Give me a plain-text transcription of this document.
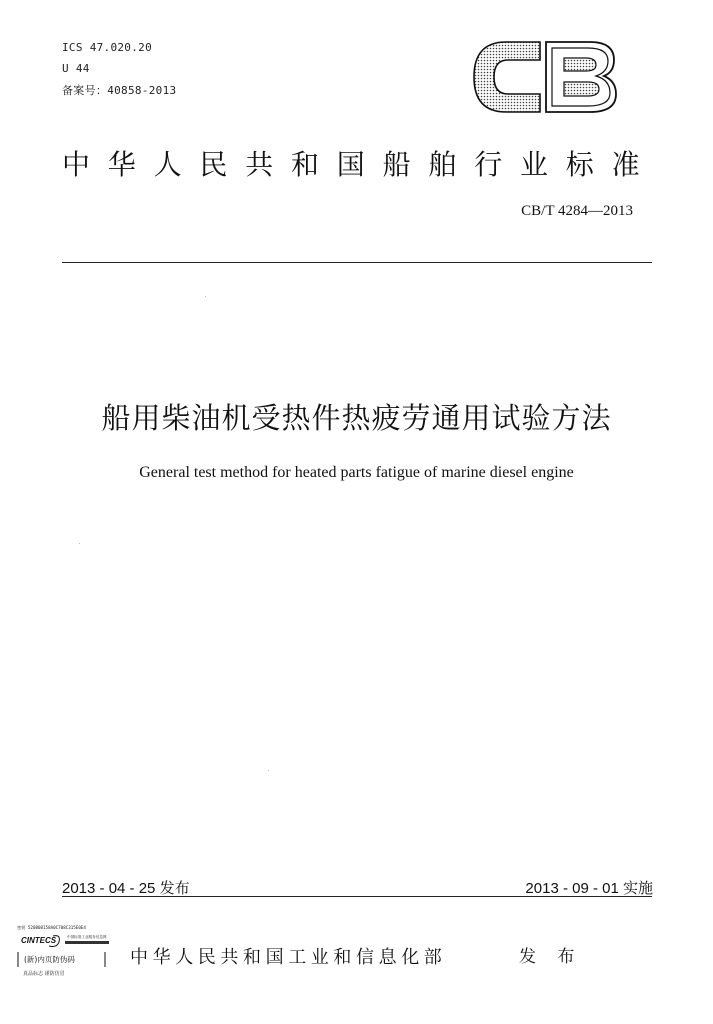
ICS 47.020.20
U 44
备案号：40858-2013
中华人民共和国船舶行业标准
CB/T 4284—2013
船用柴油机受热件热疲劳通用试验方法
General test method for heated parts fatigue of marine diesel engine
2013 - 04 - 25 发布	2013 - 09 - 01 实施
密钥 520808158A0C708C315E0E4
CINTECS	中国标准工业服务信息网
(新)内页防伪码
真品标志 谨防仿冒
中华人民共和国工业和信息化部	发 布
